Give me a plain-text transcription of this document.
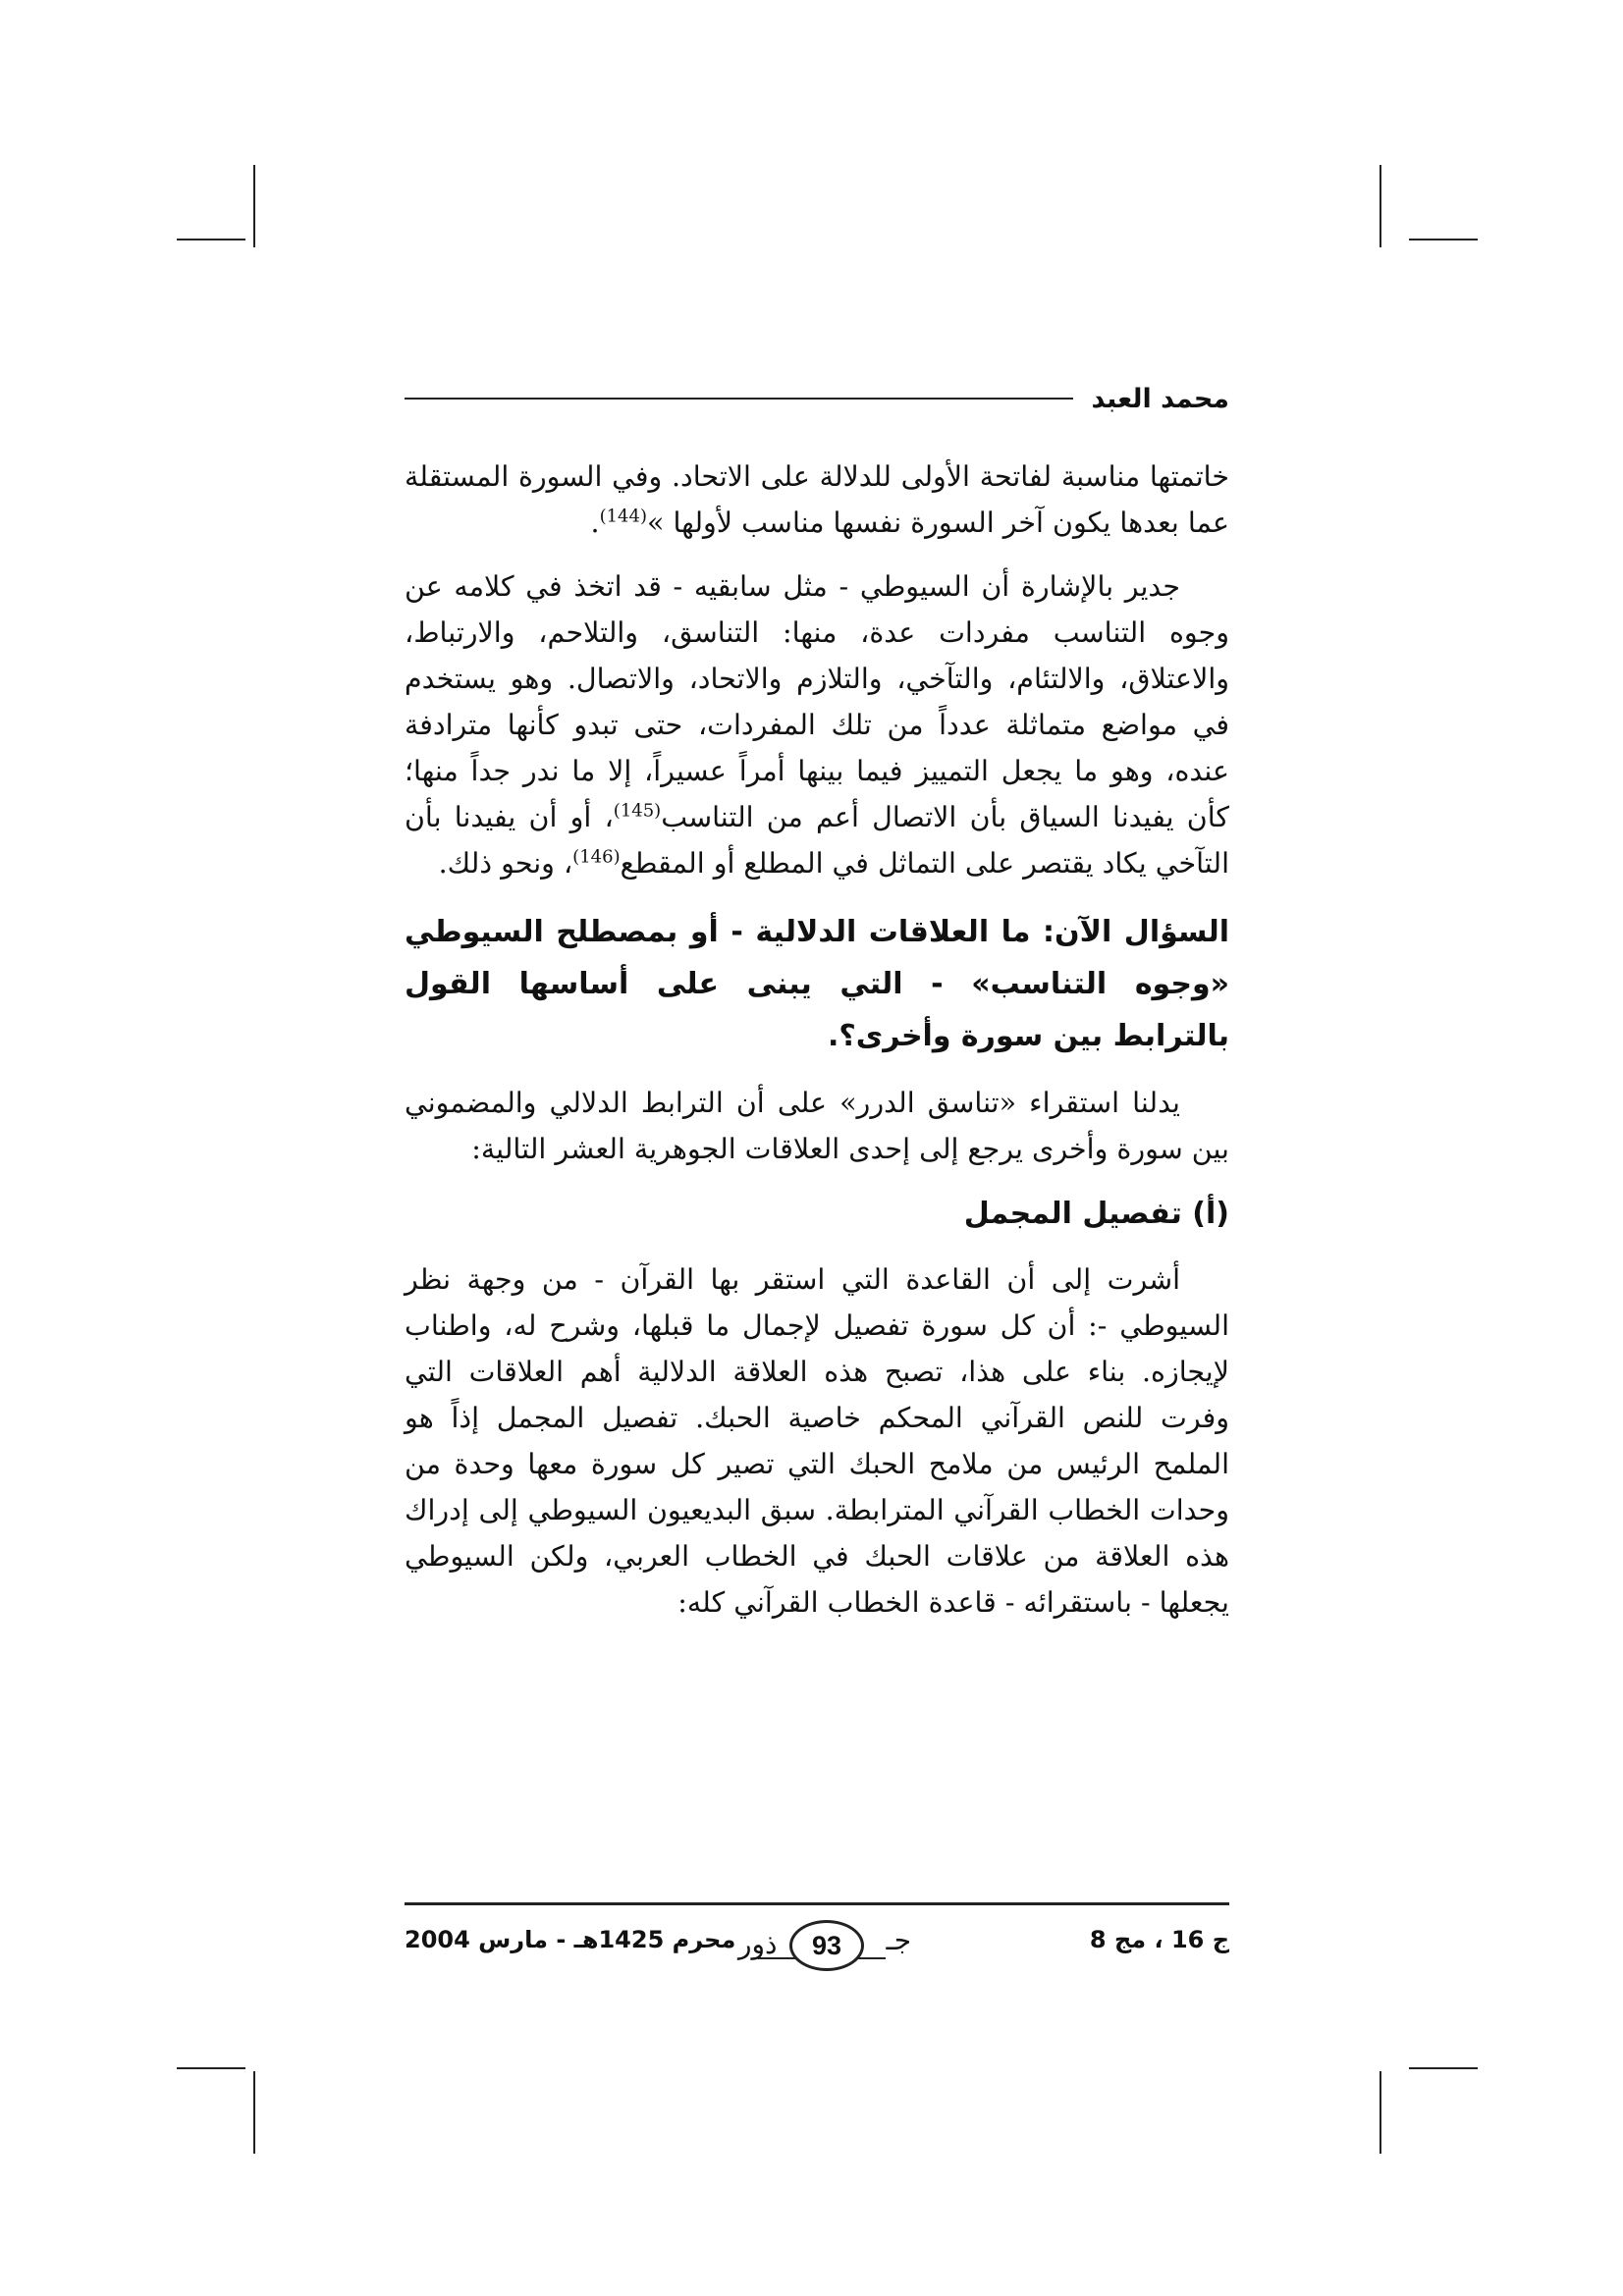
محمد العبد

خاتمتها مناسبة لفاتحة الأولى للدلالة على الاتحاد. وفي السورة المستقلة عما بعدها يكون آخر السورة نفسها مناسب لأولها »$^{(144)}$.

جدير بالإشارة أن السيوطي - مثل سابقيه - قد اتخذ في كلامه عن وجوه التناسب مفردات عدة، منها: التناسق، والتلاحم، والارتباط، والاعتلاق، والالتئام، والتآخي، والتلازم والاتحاد، والاتصال. وهو يستخدم في مواضع متماثلة عدداً من تلك المفردات، حتى تبدو كأنها مترادفة عنده، وهو ما يجعل التمييز فيما بينها أمراً عسيراً، إلا ما ندر جداً منها؛ كأن يفيدنا السياق بأن الاتصال أعم من التناسب$^{(145)}$، أو أن يفيدنا بأن التآخي يكاد يقتصر على التماثل في المطلع أو المقطع$^{(146)}$، ونحو ذلك.

السؤال الآن: ما العلاقات الدلالية - أو بمصطلح السيوطي «وجوه التناسب» - التي يبنى على أساسها القول بالترابط بين سورة وأخرى؟.

يدلنا استقراء «تناسق الدرر» على أن الترابط الدلالي والمضموني بين سورة وأخرى يرجع إلى إحدى العلاقات الجوهرية العشر التالية:

(أ) تفصيل المجمل

أشرت إلى أن القاعدة التي استقر بها القرآن - من وجهة نظر السيوطي -: أن كل سورة تفصيل لإجمال ما قبلها، وشرح له، واطناب لإيجازه. بناء على هذا، تصبح هذه العلاقة الدلالية أهم العلاقات التي وفرت للنص القرآني المحكم خاصية الحبك. تفصيل المجمل إذاً هو الملمح الرئيس من ملامح الحبك التي تصير كل سورة معها وحدة من وحدات الخطاب القرآني المترابطة. سبق البديعيون السيوطي إلى إدراك هذه العلاقة من علاقات الحبك في الخطاب العربي، ولكن السيوطي يجعلها - باستقرائه - قاعدة الخطاب القرآني كله:

ج 16 ، مج 8
جـ
93
ذور
محرم 1425هـ - مارس 2004
